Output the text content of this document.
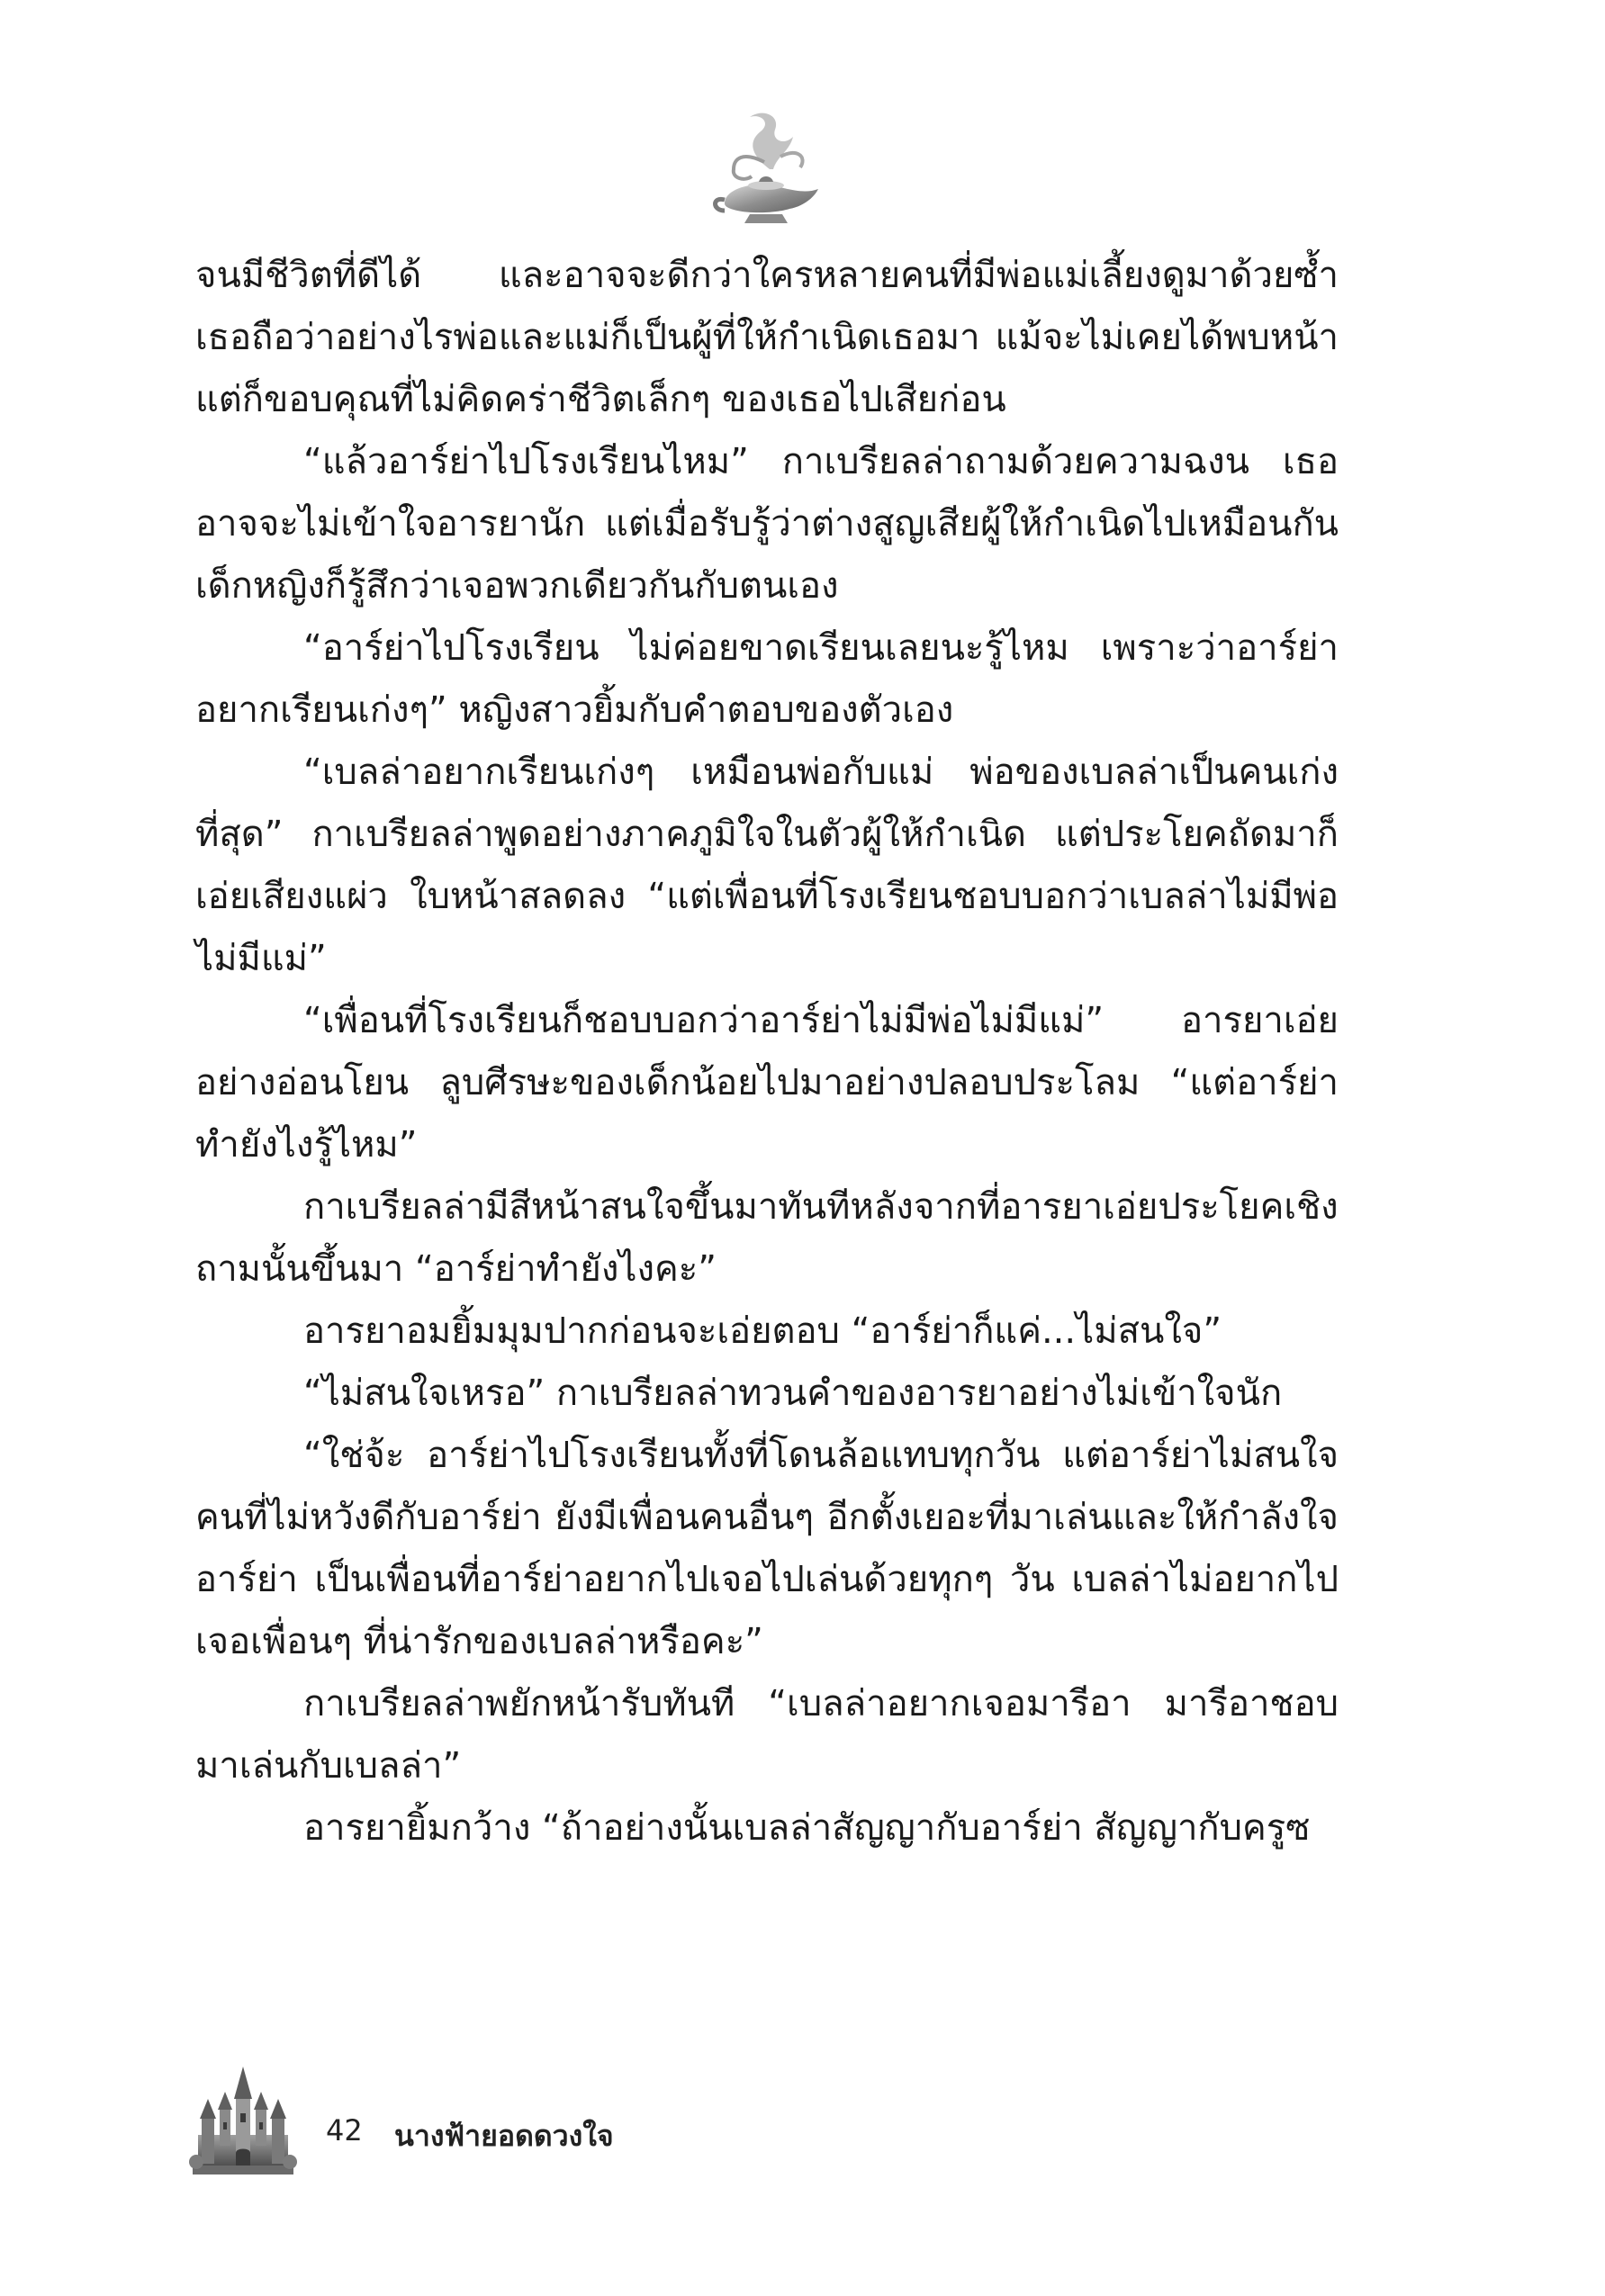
จนมีชีวิตที่ดีได้ และอาจจะดีกว่าใครหลายคนที่มีพ่อแม่เลี้ยงดูมาด้วยซ้ำ เธอถือว่าอย่างไรพ่อและแม่ก็เป็นผู้ที่ให้กำเนิดเธอมา แม้จะไม่เคยได้พบหน้า แต่ก็ขอบคุณที่ไม่คิดคร่าชีวิตเล็กๆ ของเธอไปเสียก่อน

“แล้วอาร์ย่าไปโรงเรียนไหม” กาเบรียลล่าถามด้วยความฉงน เธออาจจะไม่เข้าใจอารยานัก แต่เมื่อรับรู้ว่าต่างสูญเสียผู้ให้กำเนิดไปเหมือนกัน เด็กหญิงก็รู้สึกว่าเจอพวกเดียวกันกับตนเอง

“อาร์ย่าไปโรงเรียน ไม่ค่อยขาดเรียนเลยนะรู้ไหม เพราะว่าอาร์ย่าอยากเรียนเก่งๆ” หญิงสาวยิ้มกับคำตอบของตัวเอง

“เบลล่าอยากเรียนเก่งๆ เหมือนพ่อกับแม่ พ่อของเบลล่าเป็นคนเก่งที่สุด” กาเบรียลล่าพูดอย่างภาคภูมิใจในตัวผู้ให้กำเนิด แต่ประโยคถัดมาก็เอ่ยเสียงแผ่ว ใบหน้าสลดลง “แต่เพื่อนที่โรงเรียนชอบบอกว่าเบลล่าไม่มีพ่อไม่มีแม่”

“เพื่อนที่โรงเรียนก็ชอบบอกว่าอาร์ย่าไม่มีพ่อไม่มีแม่” อารยาเอ่ยอย่างอ่อนโยน ลูบศีรษะของเด็กน้อยไปมาอย่างปลอบประโลม “แต่อาร์ย่าทำยังไงรู้ไหม”

กาเบรียลล่ามีสีหน้าสนใจขึ้นมาทันทีหลังจากที่อารยาเอ่ยประโยคเชิงถามนั้นขึ้นมา “อาร์ย่าทำยังไงคะ”

อารยาอมยิ้มมุมปากก่อนจะเอ่ยตอบ “อาร์ย่าก็แค่...ไม่สนใจ”

“ไม่สนใจเหรอ” กาเบรียลล่าทวนคำของอารยาอย่างไม่เข้าใจนัก

“ใช่จ้ะ อาร์ย่าไปโรงเรียนทั้งที่โดนล้อแทบทุกวัน แต่อาร์ย่าไม่สนใจคนที่ไม่หวังดีกับอาร์ย่า ยังมีเพื่อนคนอื่นๆ อีกตั้งเยอะที่มาเล่นและให้กำลังใจอาร์ย่า เป็นเพื่อนที่อาร์ย่าอยากไปเจอไปเล่นด้วยทุกๆ วัน เบลล่าไม่อยากไปเจอเพื่อนๆ ที่น่ารักของเบลล่าหรือคะ”

กาเบรียลล่าพยักหน้ารับทันที “เบลล่าอยากเจอมารีอา มารีอาชอบมาเล่นกับเบลล่า”

อารยายิ้มกว้าง “ถ้าอย่างนั้นเบลล่าสัญญากับอาร์ย่า สัญญากับครูซ

42 นางฟ้ายอดดวงใจ
